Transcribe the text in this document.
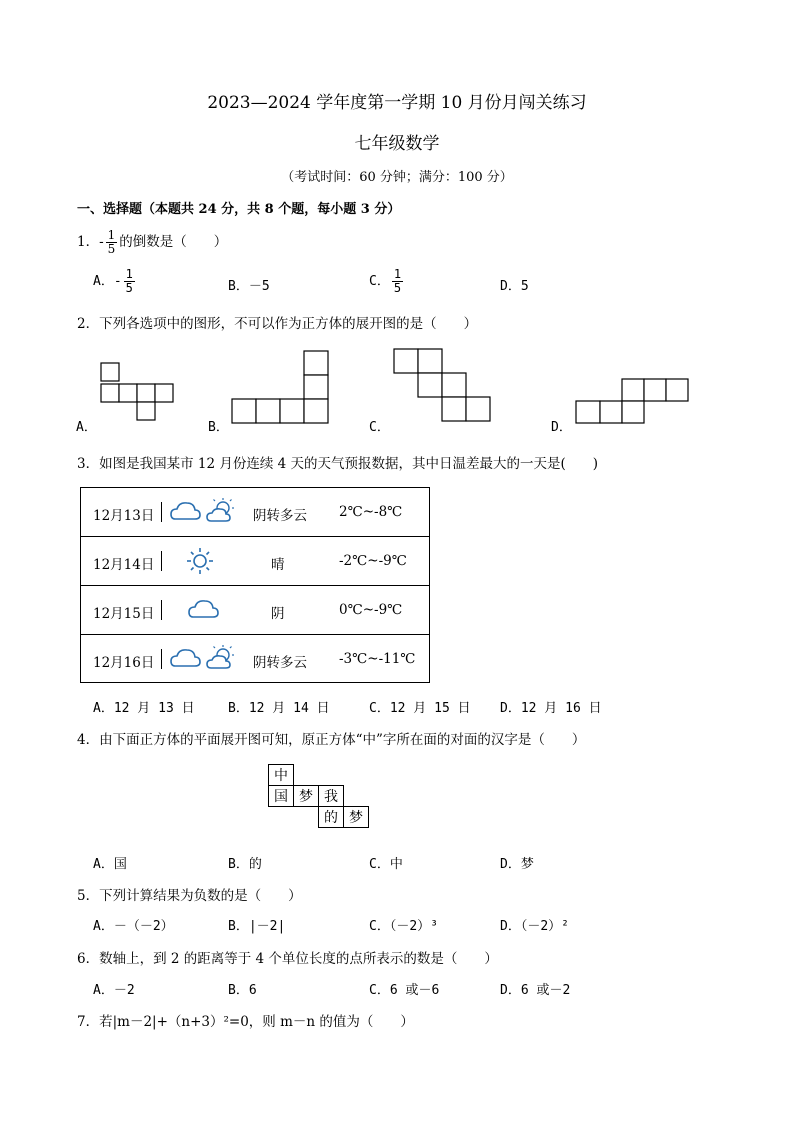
2023—2024 学年度第一学期 10 月份月闯关练习
七年级数学
（考试时间：60 分钟；满分：100 分）
一、选择题（本题共 24 分，共 8 个题，每小题 3 分）
1．- $\frac{1}{5}$ 的倒数是（　　）
A．- $\frac{1}{5}$	B．－5	C． $\frac{1}{5}$	D．5
2．下列各选项中的图形，不可以作为正方体的展开图的是（　　）
A．	B．	C．	D．
3．如图是我国某市 12 月份连续 4 天的天气预报数据，其中日温差最大的一天是(　　)
12月13日	阴转多云 2℃~-8℃
12月14日	晴	-2℃~-9℃
12月15日	阴	0℃~-9℃
12月16日	阴转多云 -3℃~-11℃
A．12 月 13 日	B．12 月 14 日	C．12 月 15 日 D．12 月 16 日
4．由下面正方体的平面展开图可知，原正方体“中”字所在面的对面的汉字是（　　）
中			
国	梦	我	
		的	梦
A．国	B．的	C．中	D．梦
5．下列计算结果为负数的是（　　）
A．－（－2）	B．|－2|	C．（－2）³	D．（－2）²
6．数轴上，到 2 的距离等于 4 个单位长度的点所表示的数是（　　）
A．－2	B．6	C．6 或－6	D．6 或－2
7．若|m－2|+（n+3）²=0，则 m－n 的值为（　　）
